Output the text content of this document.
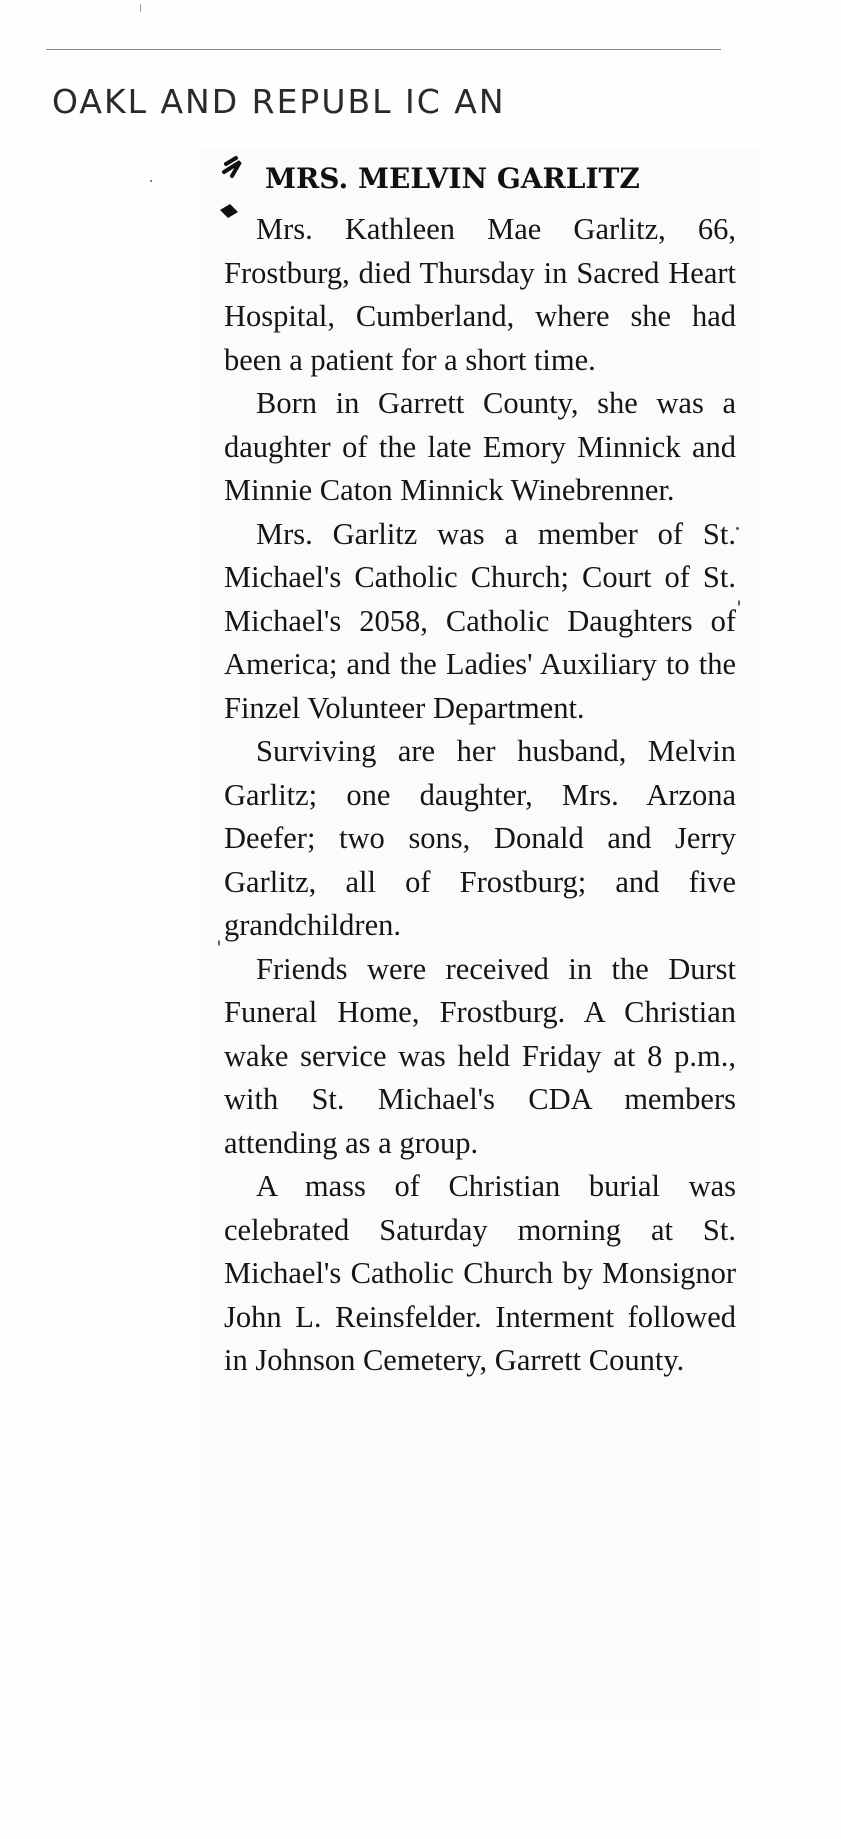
OAKL AND REPUBL IC AN
MRS. MELVIN GARLITZ

Mrs. Kathleen Mae Garlitz, 66, Frostburg, died Thursday in Sacred Heart Hospital, Cumberland, where she had been a patient for a short time.

Born in Garrett County, she was a daughter of the late Emory Minnick and Minnie Caton Minnick Winebrenner.

Mrs. Garlitz was a member of St. Michael's Catholic Church; Court of St. Michael's 2058, Catholic Daughters of America; and the Ladies' Auxiliary to the Finzel Volunteer Department.

Surviving are her husband, Melvin Garlitz; one daughter, Mrs. Arzona Deefer; two sons, Donald and Jerry Garlitz, all of Frostburg; and five grandchildren.

Friends were received in the Durst Funeral Home, Frostburg. A Christian wake service was held Friday at 8 p.m., with St. Michael's CDA members attending as a group.

A mass of Christian burial was celebrated Saturday morning at St. Michael's Catholic Church by Monsignor John L. Reinsfelder. Interment followed in Johnson Cemetery, Garrett County.
